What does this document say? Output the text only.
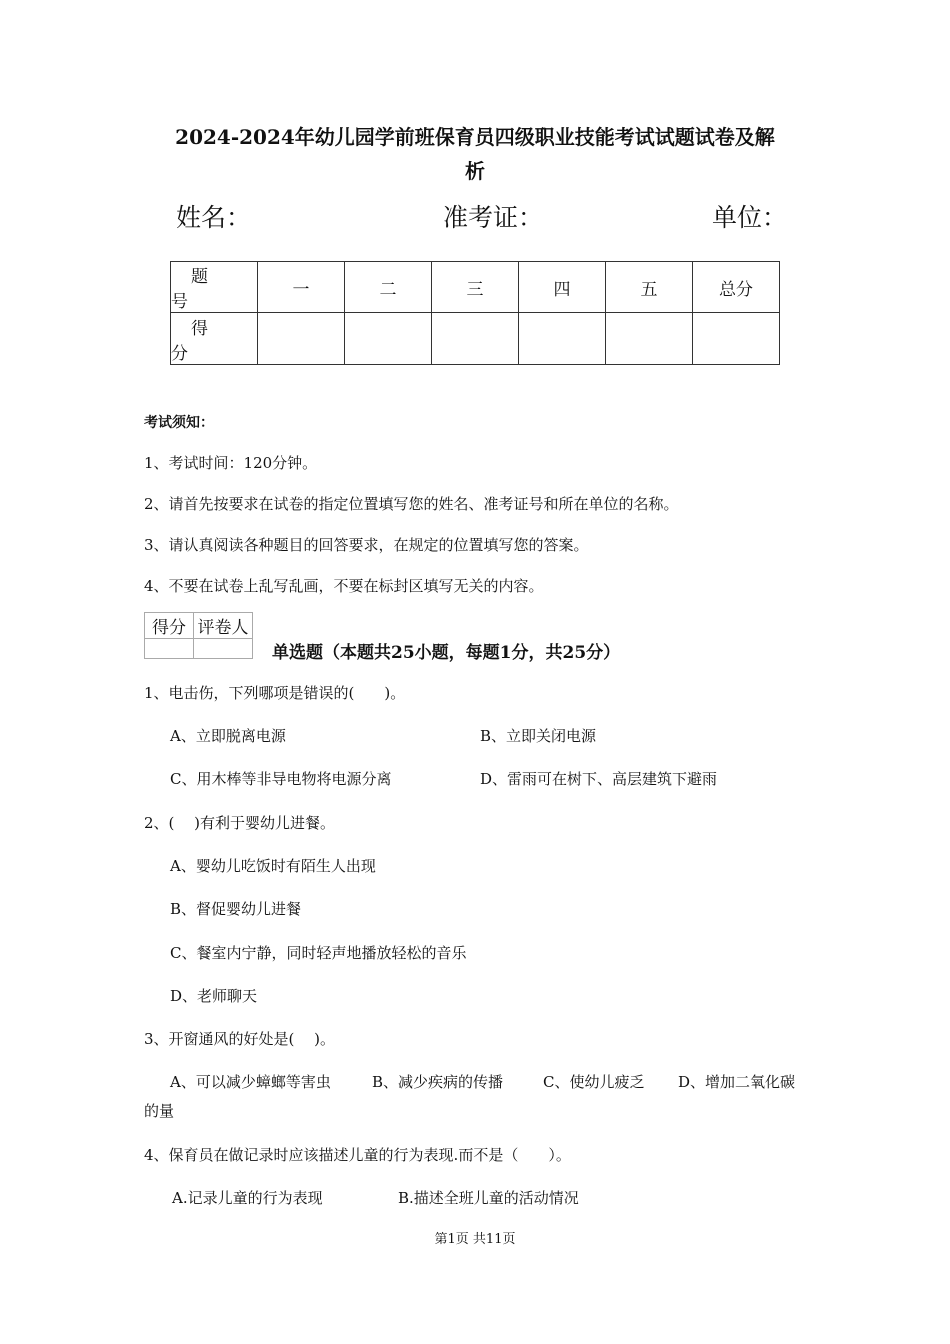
2024-2024年幼儿园学前班保育员四级职业技能考试试题试卷及解
析
姓名：	准考证：	单位：
题 号	一	二	三	四	五	总分
得 分						
考试须知：
1、考试时间：120分钟。
2、请首先按要求在试卷的指定位置填写您的姓名、准考证号和所在单位的名称。
3、请认真阅读各种题目的回答要求，在规定的位置填写您的答案。
4、不要在试卷上乱写乱画，不要在标封区填写无关的内容。
得分	评卷人

单选题（本题共25小题，每题1分，共25分）
1、电击伤，下列哪项是错误的(　　)。
A、立即脱离电源	B、立即关闭电源
C、用木棒等非导电物将电源分离	D、雷雨可在树下、高层建筑下避雨
2、(　 )有利于婴幼儿进餐。
A、婴幼儿吃饭时有陌生人出现
B、督促婴幼儿进餐
C、餐室内宁静，同时轻声地播放轻松的音乐
D、老师聊天
3、开窗通风的好处是(　 )。
A、可以减少蟑螂等害虫	B、减少疾病的传播	C、使幼儿疲乏 D、增加二氧化碳
的量
4、保育员在做记录时应该描述儿童的行为表现.而不是（　　）。
A.记录儿童的行为表现	B.描述全班儿童的活动情况
第1页 共11页
